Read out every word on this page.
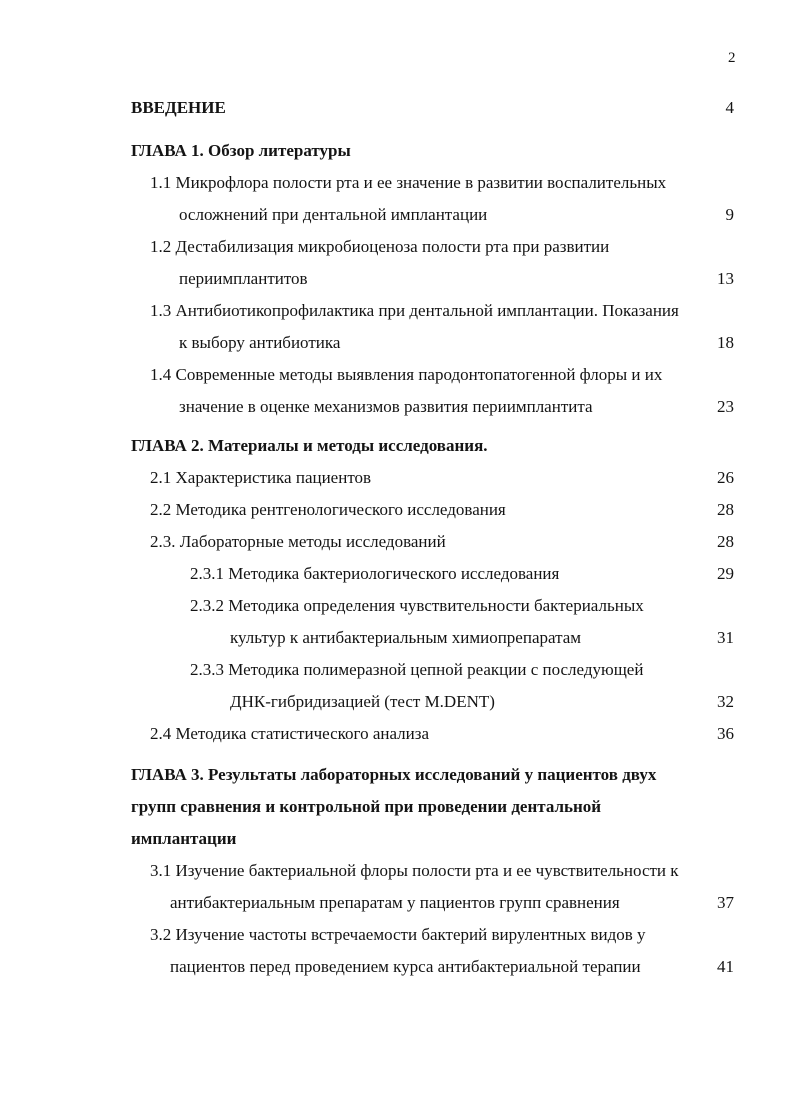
2
ВВЕДЕНИЕ	4
ГЛАВА 1. Обзор литературы
1.1 Микрофлора полости рта и ее значение в развитии воспалительных
осложнений при дентальной имплантации	9
1.2 Дестабилизация микробиоценоза полости рта при развитии
периимплантитов	13
1.3 Антибиотикопрофилактика при дентальной имплантации. Показания
к выбору антибиотика	18
1.4 Современные методы выявления пародонтопатогенной флоры и их
значение в оценке механизмов развития периимплантита	23
ГЛАВА 2. Материалы и методы исследования.
2.1 Характеристика пациентов	26
2.2 Методика рентгенологического исследования	28
2.3. Лабораторные методы исследований	28
2.3.1 Методика бактериологического исследования	29
2.3.2 Методика определения чувствительности бактериальных
культур к антибактериальным химиопрепаратам	31
2.3.3 Методика полимеразной цепной реакции с последующей
ДНК-гибридизацией (тест M.DENT)	32
2.4 Методика статистического анализа	36
ГЛАВА 3. Результаты лабораторных исследований у пациентов двух
групп сравнения и контрольной при проведении дентальной
имплантации
3.1 Изучение бактериальной флоры полости рта и ее чувствительности к
антибактериальным препаратам у пациентов групп сравнения	37
3.2 Изучение частоты встречаемости бактерий вирулентных видов у
пациентов перед проведением курса антибактериальной терапии	41
